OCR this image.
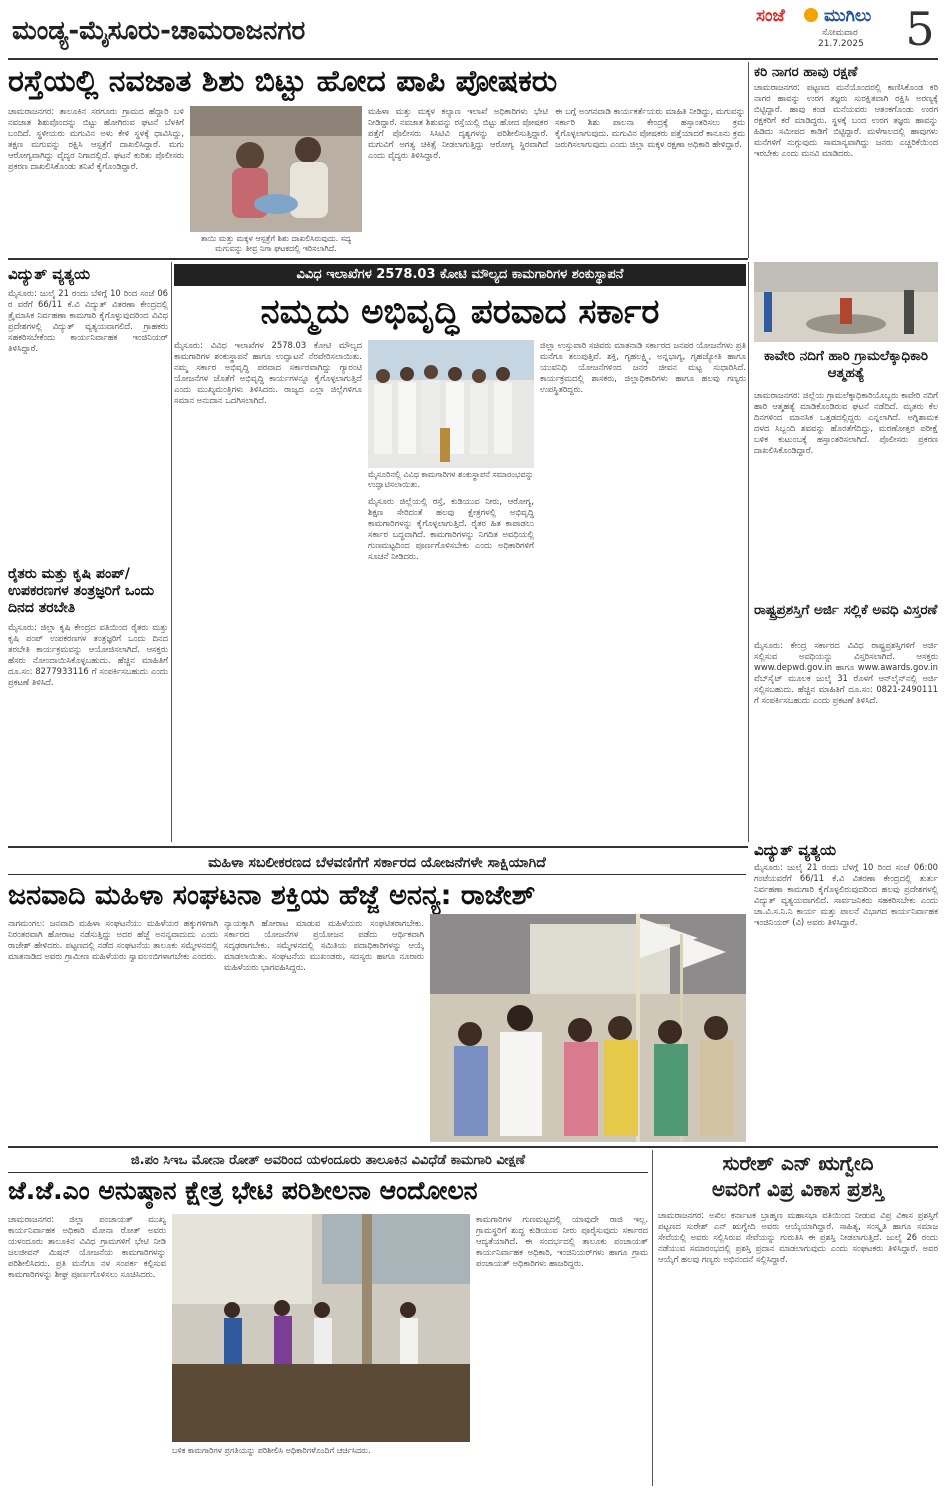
ಮಂಡ್ಯ-ಮೈಸೂರು-ಚಾಮರಾಜನಗರ	ಸಂಜೆ ಮುಗಿಲು
ಸೋಮವಾರ
21.7.2025 5
ರಸ್ತೆಯಲ್ಲಿ ನವಜಾತ ಶಿಶು ಬಿಟ್ಟು ಹೋದ ಪಾಪಿ ಪೋಷಕರು
ಚಾಮರಾಜನಗರ: ತಾಲೂಕಿನ ಸರಗೂರು ಗ್ರಾಮದ ಹೆದ್ದಾರಿ ಬಳಿ ನವಜಾತ ಶಿಶುವೊಂದನ್ನು ಬಿಟ್ಟು ಹೋಗಿರುವ ಘಟನೆ ಬೆಳಕಿಗೆ ಬಂದಿದೆ. ಸ್ಥಳೀಯರು ಮಗುವಿನ ಅಳು ಕೇಳಿ ಸ್ಥಳಕ್ಕೆ ಧಾವಿಸಿದ್ದು, ತಕ್ಷಣ ಮಗುವನ್ನು ರಕ್ಷಿಸಿ ಆಸ್ಪತ್ರೆಗೆ ದಾಖಲಿಸಿದ್ದಾರೆ. ಮಗು ಆರೋಗ್ಯವಾಗಿದ್ದು ವೈದ್ಯರ ನಿಗಾದಲ್ಲಿದೆ. ಘಟನೆ ಕುರಿತು ಪೊಲೀಸರು ಪ್ರಕರಣ ದಾಖಲಿಸಿಕೊಂಡು ತನಿಖೆ ಕೈಗೊಂಡಿದ್ದಾರೆ.
ತಾಯಿ ಮತ್ತು ಮಕ್ಕಳ ಆಸ್ಪತ್ರೆಗೆ ಶಿಶು ದಾಖಲಿಸಿರುವುದು. ಸದ್ಯ ಮಗುವನ್ನು ತೀವ್ರ ನಿಗಾ ಘಟಕದಲ್ಲಿ ಇರಿಸಲಾಗಿದೆ.
ಮಹಿಳಾ ಮತ್ತು ಮಕ್ಕಳ ಕಲ್ಯಾಣ ಇಲಾಖೆ ಅಧಿಕಾರಿಗಳು ಭೇಟಿ ನೀಡಿದ್ದಾರೆ. ನವಜಾತ ಶಿಶುವನ್ನು ರಸ್ತೆಯಲ್ಲಿ ಬಿಟ್ಟು ಹೋದ ಪೋಷಕರ ಪತ್ತೆಗೆ ಪೊಲೀಸರು ಸಿಸಿಟಿವಿ ದೃಶ್ಯಗಳನ್ನು ಪರಿಶೀಲಿಸುತ್ತಿದ್ದಾರೆ. ಮಗುವಿಗೆ ಅಗತ್ಯ ಚಿಕಿತ್ಸೆ ನೀಡಲಾಗುತ್ತಿದ್ದು ಆರೋಗ್ಯ ಸ್ಥಿರವಾಗಿದೆ ಎಂದು ವೈದ್ಯರು ತಿಳಿಸಿದ್ದಾರೆ.
ಈ ಬಗ್ಗೆ ಅಂಗನವಾಡಿ ಕಾರ್ಯಕರ್ತೆಯರು ಮಾಹಿತಿ ನೀಡಿದ್ದು, ಮಗುವನ್ನು ಸರ್ಕಾರಿ ಶಿಶು ಪಾಲನಾ ಕೇಂದ್ರಕ್ಕೆ ಹಸ್ತಾಂತರಿಸಲು ಕ್ರಮ ಕೈಗೊಳ್ಳಲಾಗುವುದು. ಮಗುವಿನ ಪೋಷಕರು ಪತ್ತೆಯಾದರೆ ಕಾನೂನು ಕ್ರಮ ಜರುಗಿಸಲಾಗುವುದು ಎಂದು ಜಿಲ್ಲಾ ಮಕ್ಕಳ ರಕ್ಷಣಾ ಅಧಿಕಾರಿ ಹೇಳಿದ್ದಾರೆ.
ಕರಿ ನಾಗರ ಹಾವು ರಕ್ಷಣೆ
ಚಾಮರಾಜನಗರ: ಪಟ್ಟಣದ ಮನೆಯೊಂದರಲ್ಲಿ ಕಾಣಿಸಿಕೊಂಡ ಕರಿ ನಾಗರ ಹಾವನ್ನು ಉರಗ ತಜ್ಞರು ಸುರಕ್ಷಿತವಾಗಿ ರಕ್ಷಿಸಿ ಅರಣ್ಯಕ್ಕೆ ಬಿಟ್ಟಿದ್ದಾರೆ. ಹಾವು ಕಂಡ ಮನೆಯವರು ಆತಂಕಗೊಂಡು ಉರಗ ರಕ್ಷಕರಿಗೆ ಕರೆ ಮಾಡಿದ್ದರು. ಸ್ಥಳಕ್ಕೆ ಬಂದ ಉರಗ ತಜ್ಞರು ಹಾವನ್ನು ಹಿಡಿದು ಸಮೀಪದ ಕಾಡಿಗೆ ಬಿಟ್ಟಿದ್ದಾರೆ. ಮಳೆಗಾಲದಲ್ಲಿ ಹಾವುಗಳು ಮನೆಗಳಿಗೆ ನುಗ್ಗುವುದು ಸಾಮಾನ್ಯವಾಗಿದ್ದು ಜನರು ಎಚ್ಚರಿಕೆಯಿಂದ ಇರಬೇಕು ಎಂದು ಮನವಿ ಮಾಡಿದರು.
ವಿದ್ಯುತ್ ವ್ಯತ್ಯಯ
ಮೈಸೂರು: ಜುಲೈ 21 ರಂದು ಬೆಳಿಗ್ಗೆ 10 ರಿಂದ ಸಂಜೆ 06 ರ ವರೆಗೆ 66/11 ಕೆ.ವಿ ವಿದ್ಯುತ್ ವಿತರಣಾ ಕೇಂದ್ರದಲ್ಲಿ ತ್ರೈಮಾಸಿಕ ನಿರ್ವಹಣಾ ಕಾಮಗಾರಿ ಕೈಗೊಳ್ಳುವುದರಿಂದ ವಿವಿಧ ಪ್ರದೇಶಗಳಲ್ಲಿ ವಿದ್ಯುತ್ ವ್ಯತ್ಯಯವಾಗಲಿದೆ. ಗ್ರಾಹಕರು ಸಹಕರಿಸಬೇಕೆಂದು ಕಾರ್ಯನಿರ್ವಾಹಕ ಇಂಜಿನಿಯರ್ ತಿಳಿಸಿದ್ದಾರೆ.
ರೈತರು ಮತ್ತು ಕೃಷಿ ಪಂಪ್‌/ ಉಪಕರಣಗಳ ತಂತ್ರಜ್ಞರಿಗೆ ಒಂದು ದಿನದ ತರಬೇತಿ
ಮೈಸೂರು: ಜಿಲ್ಲಾ ಕೃಷಿ ಕೇಂದ್ರದ ವತಿಯಿಂದ ರೈತರು ಮತ್ತು ಕೃಷಿ ಪಂಪ್ ಉಪಕರಣಗಳ ತಂತ್ರಜ್ಞರಿಗೆ ಒಂದು ದಿನದ ತರಬೇತಿ ಕಾರ್ಯಕ್ರಮವನ್ನು ಆಯೋಜಿಸಲಾಗಿದೆ. ಆಸಕ್ತರು ಹೆಸರು ನೋಂದಾಯಿಸಿಕೊಳ್ಳಬಹುದು. ಹೆಚ್ಚಿನ ಮಾಹಿತಿಗೆ ದೂ.ಸಂ: 8277933116 ಗೆ ಸಂಪರ್ಕಿಸಬಹುದು ಎಂದು ಪ್ರಕಟಣೆ ತಿಳಿಸಿದೆ.
ವಿವಿಧ ಇಲಾಖೆಗಳ 2578.03 ಕೋಟಿ ಮೌಲ್ಯದ ಕಾಮಗಾರಿಗಳ ಶಂಕುಸ್ಥಾಪನೆ
ನಮ್ಮದು ಅಭಿವೃದ್ಧಿ ಪರವಾದ ಸರ್ಕಾರ
ಮೈಸೂರು: ವಿವಿಧ ಇಲಾಖೆಗಳ 2578.03 ಕೋಟಿ ಮೌಲ್ಯದ ಕಾಮಗಾರಿಗಳ ಶಂಕುಸ್ಥಾಪನೆ ಹಾಗೂ ಉದ್ಘಾಟನೆ ನೆರವೇರಿಸಲಾಯಿತು. ನಮ್ಮ ಸರ್ಕಾರ ಅಭಿವೃದ್ಧಿ ಪರವಾದ ಸರ್ಕಾರವಾಗಿದ್ದು ಗ್ಯಾರಂಟಿ ಯೋಜನೆಗಳ ಜೊತೆಗೆ ಅಭಿವೃದ್ಧಿ ಕಾರ್ಯಗಳನ್ನೂ ಕೈಗೊಳ್ಳಲಾಗುತ್ತಿದೆ ಎಂದು ಮುಖ್ಯಮಂತ್ರಿಗಳು ತಿಳಿಸಿದರು. ರಾಜ್ಯದ ಎಲ್ಲಾ ಜಿಲ್ಲೆಗಳಿಗೂ ಸಮಾನ ಅನುದಾನ ಒದಗಿಸಲಾಗಿದೆ.
ಮೈಸೂರಿನಲ್ಲಿ ವಿವಿಧ ಕಾಮಗಾರಿಗಳ ಶಂಕುಸ್ಥಾಪನೆ ಸಮಾರಂಭವನ್ನು ಉದ್ಘಾಟಿಸಲಾಯಿತು.
ಮೈಸೂರು ಜಿಲ್ಲೆಯಲ್ಲಿ ರಸ್ತೆ, ಕುಡಿಯುವ ನೀರು, ಆರೋಗ್ಯ, ಶಿಕ್ಷಣ ಸೇರಿದಂತೆ ಹಲವು ಕ್ಷೇತ್ರಗಳಲ್ಲಿ ಅಭಿವೃದ್ಧಿ ಕಾಮಗಾರಿಗಳನ್ನು ಕೈಗೊಳ್ಳಲಾಗುತ್ತಿದೆ. ರೈತರ ಹಿತ ಕಾಪಾಡಲು ಸರ್ಕಾರ ಬದ್ಧವಾಗಿದೆ. ಕಾಮಗಾರಿಗಳನ್ನು ನಿಗದಿತ ಅವಧಿಯಲ್ಲಿ ಗುಣಮಟ್ಟದಿಂದ ಪೂರ್ಣಗೊಳಿಸಬೇಕು ಎಂದು ಅಧಿಕಾರಿಗಳಿಗೆ ಸೂಚನೆ ನೀಡಿದರು.
ಜಿಲ್ಲಾ ಉಸ್ತುವಾರಿ ಸಚಿವರು ಮಾತನಾಡಿ ಸರ್ಕಾರದ ಜನಪರ ಯೋಜನೆಗಳು ಪ್ರತಿ ಮನೆಗೂ ತಲುಪುತ್ತಿವೆ. ಶಕ್ತಿ, ಗೃಹಲಕ್ಷ್ಮಿ, ಅನ್ನಭಾಗ್ಯ, ಗೃಹಜ್ಯೋತಿ ಹಾಗೂ ಯುವನಿಧಿ ಯೋಜನೆಗಳಿಂದ ಜನರ ಜೀವನ ಮಟ್ಟ ಸುಧಾರಿಸಿದೆ. ಕಾರ್ಯಕ್ರಮದಲ್ಲಿ ಶಾಸಕರು, ಜಿಲ್ಲಾಧಿಕಾರಿಗಳು ಹಾಗೂ ಹಲವು ಗಣ್ಯರು ಉಪಸ್ಥಿತರಿದ್ದರು.
ಕಾವೇರಿ ನದಿಗೆ ಹಾರಿ ಗ್ರಾಮಲೆಕ್ಕಾಧಿಕಾರಿ ಆತ್ಮಹತ್ಯೆ
ಚಾಮರಾಜನಗರ: ಜಿಲ್ಲೆಯ ಗ್ರಾಮಲೆಕ್ಕಾಧಿಕಾರಿಯೊಬ್ಬರು ಕಾವೇರಿ ನದಿಗೆ ಹಾರಿ ಆತ್ಮಹತ್ಯೆ ಮಾಡಿಕೊಂಡಿರುವ ಘಟನೆ ನಡೆದಿದೆ. ಮೃತರು ಕೆಲ ದಿನಗಳಿಂದ ಮಾನಸಿಕ ಒತ್ತಡದಲ್ಲಿದ್ದರು ಎನ್ನಲಾಗಿದೆ. ಅಗ್ನಿಶಾಮಕ ದಳದ ಸಿಬ್ಬಂದಿ ಶವವನ್ನು ಹೊರತೆಗೆದಿದ್ದು, ಮರಣೋತ್ತರ ಪರೀಕ್ಷೆ ಬಳಿಕ ಕುಟುಂಬಕ್ಕೆ ಹಸ್ತಾಂತರಿಸಲಾಗಿದೆ. ಪೊಲೀಸರು ಪ್ರಕರಣ ದಾಖಲಿಸಿಕೊಂಡಿದ್ದಾರೆ.
ರಾಷ್ಟ್ರಪ್ರಶಸ್ತಿಗೆ ಅರ್ಜಿ ಸಲ್ಲಿಕೆ ಅವಧಿ ವಿಸ್ತರಣೆ
ಮೈಸೂರು: ಕೇಂದ್ರ ಸರ್ಕಾರದ ವಿವಿಧ ರಾಷ್ಟ್ರಪ್ರಶಸ್ತಿಗಳಿಗೆ ಅರ್ಜಿ ಸಲ್ಲಿಸುವ ಅವಧಿಯನ್ನು ವಿಸ್ತರಿಸಲಾಗಿದೆ. ಆಸಕ್ತರು www.depwd.gov.in ಹಾಗೂ www.awards.gov.in ವೆಬ್‌ಸೈಟ್ ಮೂಲಕ ಜುಲೈ 31 ರೊಳಗೆ ಆನ್‌ಲೈನ್‌ನಲ್ಲಿ ಅರ್ಜಿ ಸಲ್ಲಿಸಬಹುದು. ಹೆಚ್ಚಿನ ಮಾಹಿತಿಗೆ ದೂ.ಸಂ: 0821-2490111 ಗೆ ಸಂಪರ್ಕಿಸಬಹುದು ಎಂದು ಪ್ರಕಟಣೆ ತಿಳಿಸಿದೆ.
ವಿದ್ಯುತ್ ವ್ಯತ್ಯಯ
ಮೈಸೂರು: ಜುಲೈ 21 ರಂದು ಬೆಳಗ್ಗೆ 10 ರಿಂದ ಸಂಜೆ 06:00 ಗಂಟೆಯವರೆಗೆ 66/11 ಕೆ.ವಿ ವಿತರಣಾ ಕೇಂದ್ರದಲ್ಲಿ ತುರ್ತು ನಿರ್ವಹಣಾ ಕಾಮಗಾರಿ ಕೈಗೊಳ್ಳಲಿರುವುದರಿಂದ ಹಲವು ಪ್ರದೇಶಗಳಲ್ಲಿ ವಿದ್ಯುತ್ ವ್ಯತ್ಯಯವಾಗಲಿದೆ. ಸಾರ್ವಜನಿಕರು ಸಹಕರಿಸಬೇಕು ಎಂದು ಚಾ.ವಿ.ಸ.ನಿ.ನಿ ಕಾರ್ಯ ಮತ್ತು ಪಾಲನೆ ವಿಭಾಗದ ಕಾರ್ಯನಿರ್ವಾಹಕ ಇಂಜಿನಿಯರ್ (ವಿ) ಅವರು ತಿಳಿಸಿದ್ದಾರೆ.
ಮಹಿಳಾ ಸಬಲೀಕರಣದ ಬೆಳವಣಿಗೆಗೆ ಸರ್ಕಾರದ ಯೋಜನೆಗಳೇ ಸಾಕ್ಷಿಯಾಗಿದೆ
ಜನವಾದಿ ಮಹಿಳಾ ಸಂಘಟನಾ ಶಕ್ತಿಯ ಹೆಜ್ಜೆ ಅನನ್ಯ: ರಾಜೇಶ್
ನಾಗಮಂಗಲ: ಜನವಾದಿ ಮಹಿಳಾ ಸಂಘಟನೆಯು ಮಹಿಳೆಯರ ಹಕ್ಕುಗಳಿಗಾಗಿ ನಿರಂತರವಾಗಿ ಹೋರಾಟ ನಡೆಸುತ್ತಿದ್ದು ಅದರ ಹೆಜ್ಜೆ ಅನನ್ಯವಾದುದು ಎಂದು ರಾಜೇಶ್ ಹೇಳಿದರು. ಪಟ್ಟಣದಲ್ಲಿ ನಡೆದ ಸಂಘಟನೆಯ ತಾಲೂಕು ಸಮ್ಮೇಳನದಲ್ಲಿ ಮಾತನಾಡಿದ ಅವರು ಗ್ರಾಮೀಣ ಮಹಿಳೆಯರು ಸ್ವಾವಲಂಬಿಗಳಾಗಬೇಕು ಎಂದರು.
ನ್ಯಾಯಕ್ಕಾಗಿ ಹೋರಾಟ ಮಾಡುವ ಮಹಿಳೆಯರು ಸಂಘಟಿತರಾಗಬೇಕು. ಸರ್ಕಾರದ ಯೋಜನೆಗಳ ಪ್ರಯೋಜನ ಪಡೆದು ಆರ್ಥಿಕವಾಗಿ ಸದೃಢರಾಗಬೇಕು. ಸಮ್ಮೇಳನದಲ್ಲಿ ಸಮಿತಿಯ ಪದಾಧಿಕಾರಿಗಳನ್ನು ಆಯ್ಕೆ ಮಾಡಲಾಯಿತು. ಸಂಘಟನೆಯ ಮುಖಂಡರು, ಸದಸ್ಯರು ಹಾಗೂ ನೂರಾರು ಮಹಿಳೆಯರು ಭಾಗವಹಿಸಿದ್ದರು.
ಜಿ.ಪಂ ಸಿಇಒ ಮೋನಾ ರೋತ್ ಅವರಿಂದ ಯಳಂದೂರು ತಾಲೂಕಿನ ವಿವಿಧೆಡೆ ಕಾಮಗಾರಿ ವೀಕ್ಷಣೆ
ಜೆ.ಜೆ.ಎಂ ಅನುಷ್ಠಾನ ಕ್ಷೇತ್ರ ಭೇಟಿ ಪರಿಶೀಲನಾ ಆಂದೋಲನ
ಚಾಮರಾಜನಗರ: ಜಿಲ್ಲಾ ಪಂಚಾಯತ್ ಮುಖ್ಯ ಕಾರ್ಯನಿರ್ವಾಹಕ ಅಧಿಕಾರಿ ಮೋನಾ ರೋತ್ ಅವರು ಯಳಂದೂರು ತಾಲೂಕಿನ ವಿವಿಧ ಗ್ರಾಮಗಳಿಗೆ ಭೇಟಿ ನೀಡಿ ಜಲಜೀವನ್ ಮಿಷನ್ ಯೋಜನೆಯ ಕಾಮಗಾರಿಗಳನ್ನು ಪರಿಶೀಲಿಸಿದರು. ಪ್ರತಿ ಮನೆಗೂ ನಳ ಸಂಪರ್ಕ ಕಲ್ಪಿಸುವ ಕಾಮಗಾರಿಗಳನ್ನು ಶೀಘ್ರ ಪೂರ್ಣಗೊಳಿಸಲು ಸೂಚಿಸಿದರು.
ಬಳಿಕ ಕಾಮಗಾರಿಗಳ ಪ್ರಗತಿಯನ್ನು ಪರಿಶೀಲಿಸಿ ಅಧಿಕಾರಿಗಳೊಂದಿಗೆ ಚರ್ಚಿಸಿದರು.
ಕಾಮಗಾರಿಗಳ ಗುಣಮಟ್ಟದಲ್ಲಿ ಯಾವುದೇ ರಾಜಿ ಇಲ್ಲ. ಗ್ರಾಮಸ್ಥರಿಗೆ ಶುದ್ಧ ಕುಡಿಯುವ ನೀರು ಪೂರೈಸುವುದು ಸರ್ಕಾರದ ಆದ್ಯತೆಯಾಗಿದೆ. ಈ ಸಂದರ್ಭದಲ್ಲಿ ತಾಲೂಕು ಪಂಚಾಯತ್ ಕಾರ್ಯನಿರ್ವಾಹಕ ಅಧಿಕಾರಿ, ಇಂಜಿನಿಯರ್‌ಗಳು ಹಾಗೂ ಗ್ರಾಮ ಪಂಚಾಯತ್ ಅಧಿಕಾರಿಗಳು ಹಾಜರಿದ್ದರು.
ಸುರೇಶ್ ಎನ್ ಋಗ್ವೇದಿ
ಅವರಿಗೆ ವಿಪ್ರ ವಿಕಾಸ ಪ್ರಶಸ್ತಿ
ಚಾಮರಾಜನಗರ: ಅಖಿಲ ಕರ್ನಾಟಕ ಬ್ರಾಹ್ಮಣ ಮಹಾಸಭಾ ವತಿಯಿಂದ ನೀಡುವ ವಿಪ್ರ ವಿಕಾಸ ಪ್ರಶಸ್ತಿಗೆ ಪಟ್ಟಣದ ಸುರೇಶ್ ಎನ್ ಋಗ್ವೇದಿ ಅವರು ಆಯ್ಕೆಯಾಗಿದ್ದಾರೆ. ಸಾಹಿತ್ಯ, ಸಂಸ್ಕೃತಿ ಹಾಗೂ ಸಮಾಜ ಸೇವೆಯಲ್ಲಿ ಅವರು ಸಲ್ಲಿಸಿರುವ ಸೇವೆಯನ್ನು ಗುರುತಿಸಿ ಈ ಪ್ರಶಸ್ತಿ ನೀಡಲಾಗುತ್ತಿದೆ. ಜುಲೈ 26 ರಂದು ನಡೆಯುವ ಸಮಾರಂಭದಲ್ಲಿ ಪ್ರಶಸ್ತಿ ಪ್ರದಾನ ಮಾಡಲಾಗುವುದು ಎಂದು ಸಂಘಟಕರು ತಿಳಿಸಿದ್ದಾರೆ. ಅವರ ಆಯ್ಕೆಗೆ ಹಲವು ಗಣ್ಯರು ಅಭಿನಂದನೆ ಸಲ್ಲಿಸಿದ್ದಾರೆ.
